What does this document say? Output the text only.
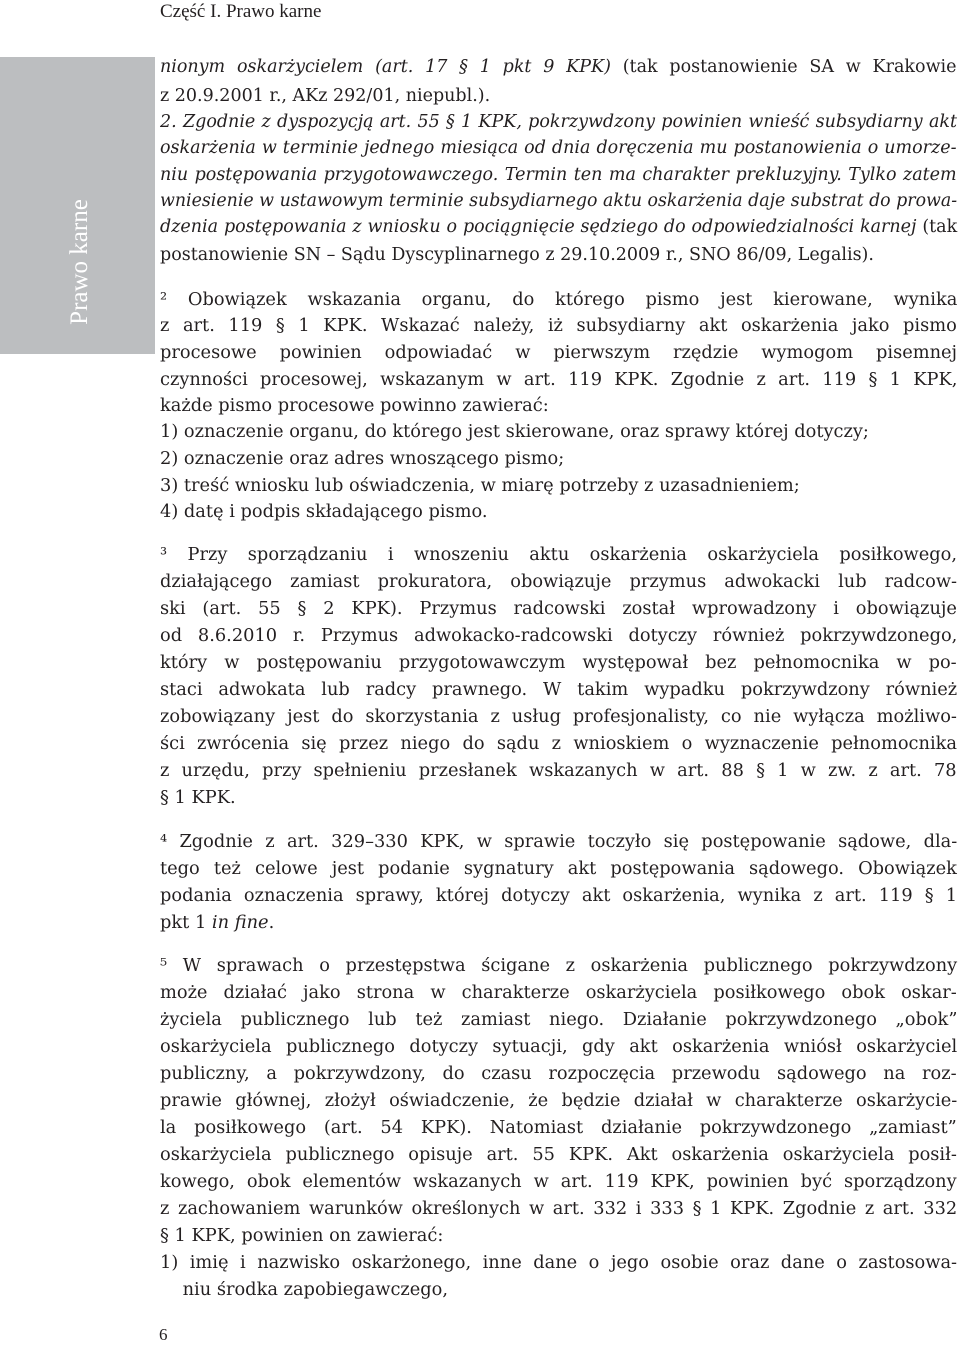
Część I. Prawo karne
Prawo karne
nionym oskarżycielem (art. 17 § 1 pkt 9 KPK) (tak postanowienie SA w Krakowie
z 20.9.2001 r., AKz 292/01, niepubl.).
2. Zgodnie z dyspozycją art. 55 § 1 KPK, pokrzywdzony powinien wnieść subsydiarny akt
oskarżenia w terminie jednego miesiąca od dnia doręczenia mu postanowienia o umorze-
niu postępowania przygotowawczego. Termin ten ma charakter prekluzyjny. Tylko zatem
wniesienie w ustawowym terminie subsydiarnego aktu oskarżenia daje substrat do prowa-
dzenia postępowania z wniosku o pociągnięcie sędziego do odpowiedzialności karnej (tak
postanowienie SN – Sądu Dyscyplinarnego z 29.10.2009 r., SNO 86/09, Legalis).
² Obowiązek wskazania organu, do którego pismo jest kierowane, wynika
z art. 119 § 1 KPK. Wskazać należy, iż subsydiarny akt oskarżenia jako pismo
procesowe powinien odpowiadać w pierwszym rzędzie wymogom pisemnej
czynności procesowej, wskazanym w art. 119 KPK. Zgodnie z art. 119 § 1 KPK,
każde pismo procesowe powinno zawierać:
1) oznaczenie organu, do którego jest skierowane, oraz sprawy której dotyczy;
2) oznaczenie oraz adres wnoszącego pismo;
3) treść wniosku lub oświadczenia, w miarę potrzeby z uzasadnieniem;
4) datę i podpis składającego pismo.
³ Przy sporządzaniu i wnoszeniu aktu oskarżenia oskarżyciela posiłkowego,
działającego zamiast prokuratora, obowiązuje przymus adwokacki lub radcow-
ski (art. 55 § 2 KPK). Przymus radcowski został wprowadzony i obowiązuje
od 8.6.2010 r. Przymus adwokacko-radcowski dotyczy również pokrzywdzonego,
który w postępowaniu przygotowawczym występował bez pełnomocnika w po-
staci adwokata lub radcy prawnego. W takim wypadku pokrzywdzony również
zobowiązany jest do skorzystania z usług profesjonalisty, co nie wyłącza możliwo-
ści zwrócenia się przez niego do sądu z wnioskiem o wyznaczenie pełnomocnika
z urzędu, przy spełnieniu przesłanek wskazanych w art. 88 § 1 w zw. z art. 78
§ 1 KPK.
⁴ Zgodnie z art. 329–330 KPK, w sprawie toczyło się postępowanie sądowe, dla-
tego też celowe jest podanie sygnatury akt postępowania sądowego. Obowiązek
podania oznaczenia sprawy, której dotyczy akt oskarżenia, wynika z art. 119 § 1
pkt 1 in fine.
⁵ W sprawach o przestępstwa ścigane z oskarżenia publicznego pokrzywdzony
może działać jako strona w charakterze oskarżyciela posiłkowego obok oskar-
życiela publicznego lub też zamiast niego. Działanie pokrzywdzonego „obok”
oskarżyciela publicznego dotyczy sytuacji, gdy akt oskarżenia wniósł oskarżyciel
publiczny, a pokrzywdzony, do czasu rozpoczęcia przewodu sądowego na roz-
prawie głównej, złożył oświadczenie, że będzie działał w charakterze oskarżycie-
la posiłkowego (art. 54 KPK). Natomiast działanie pokrzywdzonego „zamiast”
oskarżyciela publicznego opisuje art. 55 KPK. Akt oskarżenia oskarżyciela posił-
kowego, obok elementów wskazanych w art. 119 KPK, powinien być sporządzony
z zachowaniem warunków określonych w art. 332 i 333 § 1 KPK. Zgodnie z art. 332
§ 1 KPK, powinien on zawierać:
1) imię i nazwisko oskarżonego, inne dane o jego osobie oraz dane o zastosowa-
niu środka zapobiegawczego,
6
